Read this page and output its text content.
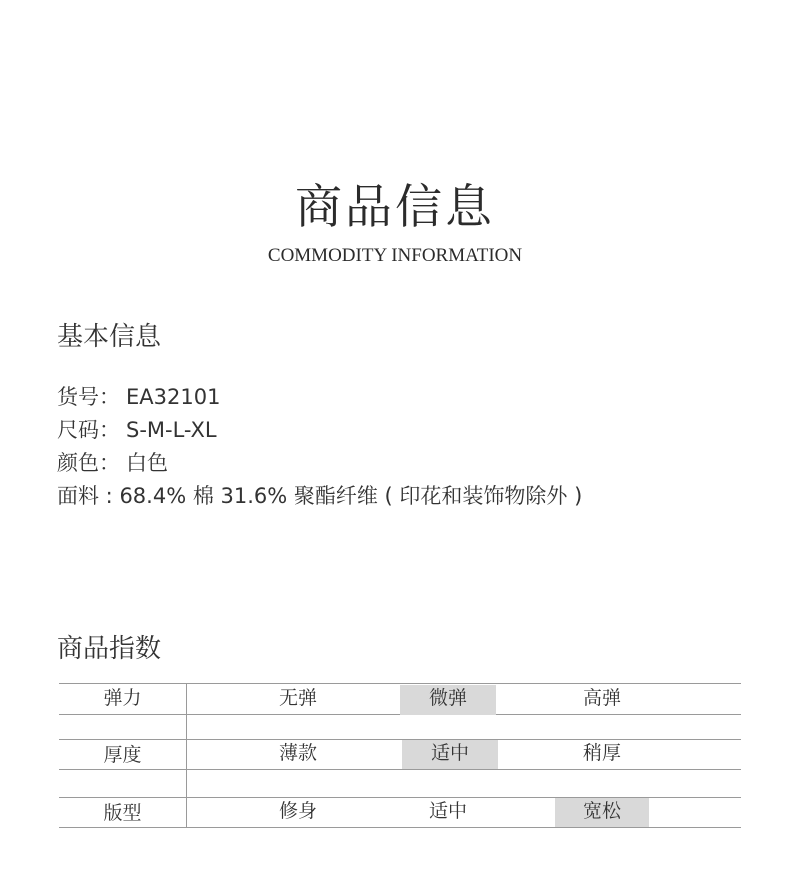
商品信息
COMMODITY INFORMATION
基本信息
货号： EA32101
尺码： S-M-L-XL
颜色： 白色
面料 : 68.4% 棉 31.6% 聚酯纤维 ( 印花和装饰物除外 )
商品指数
弹力	无弹	微弹	高弹
厚度	薄款	适中	稍厚
版型	修身	适中	宽松
